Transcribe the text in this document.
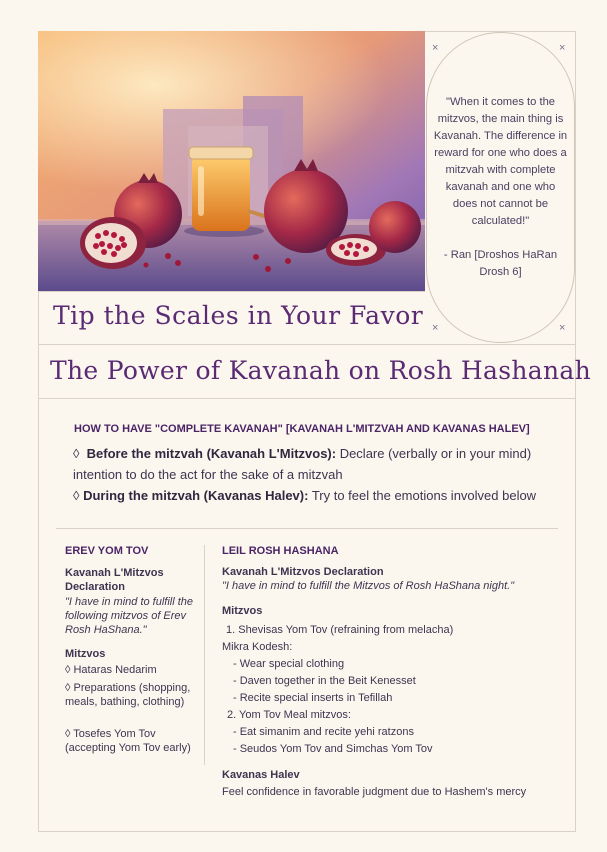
×	×
×	×
"When it comes to the mitzvos, the main thing is Kavanah. The difference in reward for one who does a mitzvah with complete kavanah and one who does not cannot be calculated!"
- Ran [Droshos HaRan Drosh 6]
Tip the Scales in Your Favor
The Power of Kavanah on Rosh Hashanah
HOW TO HAVE "COMPLETE KAVANAH" [KAVANAH L'MITZVAH AND KAVANAS HALEV]
◊ Before the mitzvah (Kavanah L'Mitzvos): Declare (verbally or in your mind) intention to do the act for the sake of a mitzvah
◊ During the mitzvah (Kavanas Halev): Try to feel the emotions involved below
EREV YOM TOV
Kavanah L'Mitzvos Declaration
"I have in mind to fulfill the following mitzvos of Erev Rosh HaShana."
Mitzvos
◊ Hataras Nedarim
◊ Preparations (shopping, meals, bathing, clothing)
◊ Tosefes Yom Tov (accepting Yom Tov early)
LEIL ROSH HASHANA
Kavanah L'Mitzvos Declaration
"I have in mind to fulfill the Mitzvos of Rosh HaShana night."
Mitzvos
1. Shevisas Yom Tov (refraining from melacha)
Mikra Kodesh:
- Wear special clothing
- Daven together in the Beit Kenesset
- Recite special inserts in Tefillah
2. Yom Tov Meal mitzvos:
- Eat simanim and recite yehi ratzons
- Seudos Yom Tov and Simchas Yom Tov
Kavanas Halev
Feel confidence in favorable judgment due to Hashem's mercy
